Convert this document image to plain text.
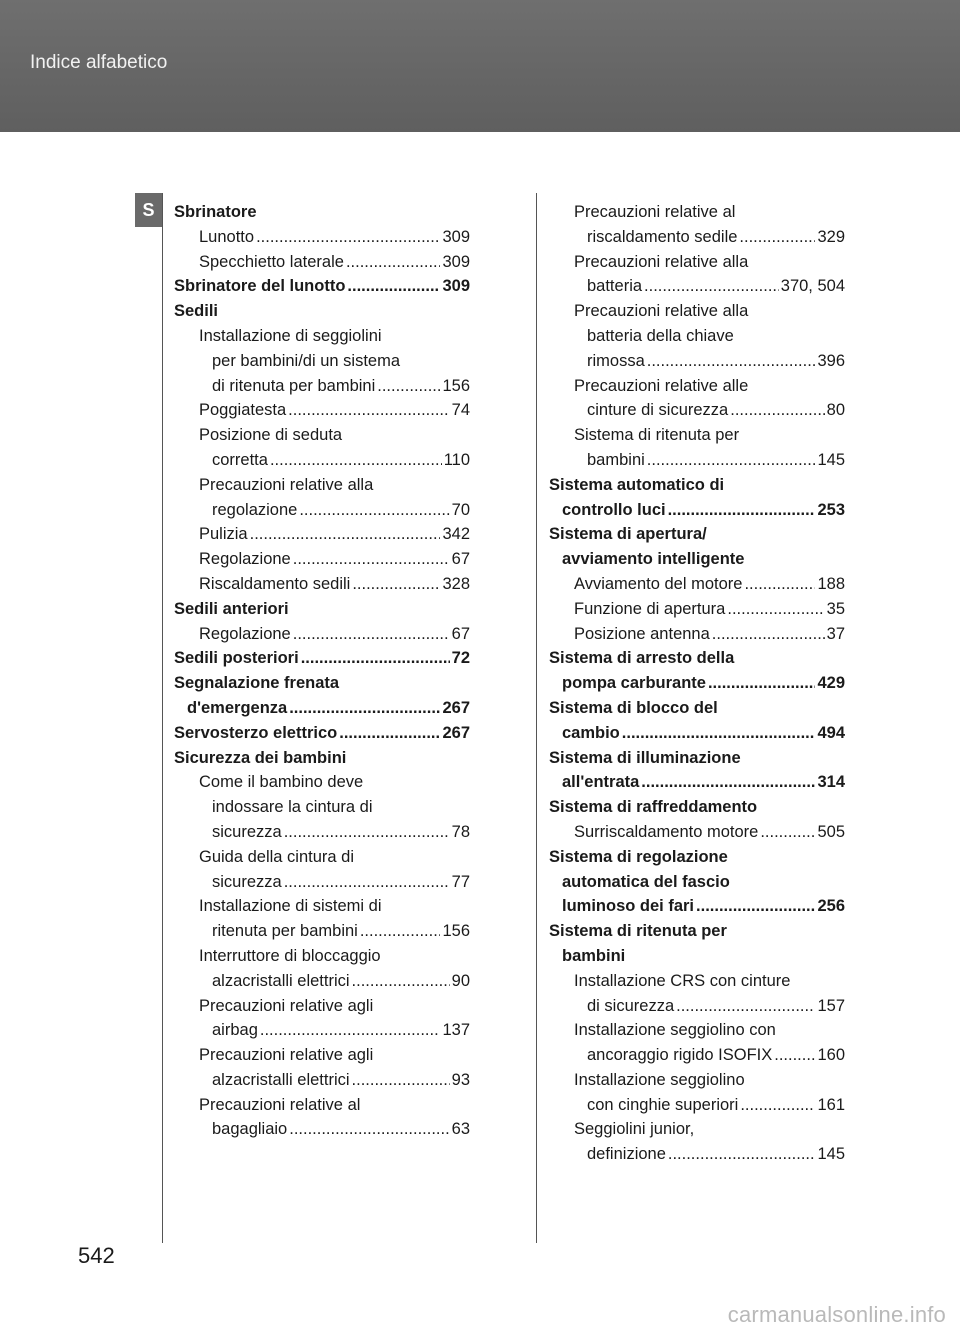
Indice alfabetico
S	Sbrinatore
Lunotto .....	309
Specchietto laterale .....	309
Sbrinatore del lunotto .....	309
Sedili
Installazione di seggiolini
per bambini/di un sistema
di ritenuta per bambini .....	156
Poggiatesta .....	74
Posizione di seduta
corretta .....	110
Precauzioni relative alla
regolazione .....	70
Pulizia .....	342
Regolazione .....	67
Riscaldamento sedili .....	328
Sedili anteriori
Regolazione .....	67
Sedili posteriori .....	72
Segnalazione frenata
d'emergenza .....	267
Servosterzo elettrico .....	267
Sicurezza dei bambini
Come il bambino deve
indossare la cintura di
sicurezza .....	78
Guida della cintura di
sicurezza .....	77
Installazione di sistemi di
ritenuta per bambini .....	156
Interruttore di bloccaggio
alzacristalli elettrici .....	90
Precauzioni relative agli
airbag .....	137
Precauzioni relative agli
alzacristalli elettrici .....	93
Precauzioni relative al
bagagliaio .....	63
Precauzioni relative al
riscaldamento sedile .....	329
Precauzioni relative alla
batteria .....	370, 504
Precauzioni relative alla
batteria della chiave
rimossa .....	396
Precauzioni relative alle
cinture di sicurezza .....	80
Sistema di ritenuta per
bambini .....	145
Sistema automatico di
controllo luci .....	253
Sistema di apertura/
avviamento intelligente
Avviamento del motore .....	188
Funzione di apertura .....	35
Posizione antenna .....	37
Sistema di arresto della
pompa carburante .....	429
Sistema di blocco del
cambio .....	494
Sistema di illuminazione
all'entrata .....	314
Sistema di raffreddamento
Surriscaldamento motore .....	505
Sistema di regolazione
automatica del fascio
luminoso dei fari .....	256
Sistema di ritenuta per
bambini
Installazione CRS con cinture
di sicurezza .....	157
Installazione seggiolino con
ancoraggio rigido ISOFIX .....	160
Installazione seggiolino
con cinghie superiori .....	161
Seggiolini junior,
definizione .....	145
542
carmanualsonline.info
